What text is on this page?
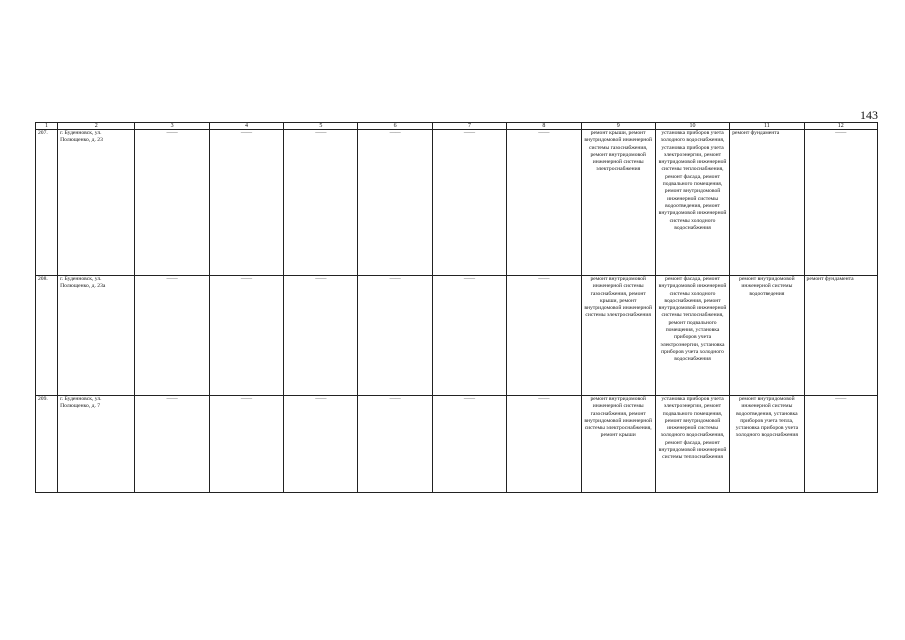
143
1	2	3	4	5	6	7	8	9	10	11	12
207.	г. Буденновск, ул. Полющенко, д. 23	——	——	——	——	——	——	ремонт крыши, ремонт внутридомовой инженерной системы газоснабжения, ремонт внутридомовой инженерной системы электроснабжения	установка приборов учета холодного водоснабжения, установка приборов учета электроэнергии, ремонт внутридомовой инженерной системы теплоснабжения, ремонт фасада, ремонт подвального помещения, ремонт внутридомовой инженерной системы водоотведения, ремонт внутридомовой инженерной системы холодного водоснабжения	ремонт фундамента	——
208.	г. Буденновск, ул. Полющенко, д. 23а	——	——	——	——	——	——	ремонт внутридомовой инженерной системы газоснабжения, ремонт крыши, ремонт внутридомовой инженерной системы электроснабжения	ремонт фасада, ремонт внутридомовой инженерной системы холодного водоснабжения, ремонт внутридомовой инженерной системы теплоснабжения, ремонт подвального помещения, установка приборов учета электроэнергии, установка приборов учета холодного водоснабжения	ремонт внутридомовой инженерной системы водоотведения	ремонт фундамента
209.	г. Буденновск, ул. Полющенко, д. 7	——	——	——	——	——	——	ремонт внутридомовой инженерной системы газоснабжения, ремонт внутридомовой инженерной системы электроснабжения, ремонт крыши	установка приборов учета электроэнергии, ремонт подвального помещения, ремонт внутридомовой инженерной системы холодного водоснабжения, ремонт фасада, ремонт внутридомовой инженерной системы теплоснабжения	ремонт внутридомовой инженерной системы водоотведения, установка приборов учета тепла, установка приборов учета холодного водоснабжения	——
